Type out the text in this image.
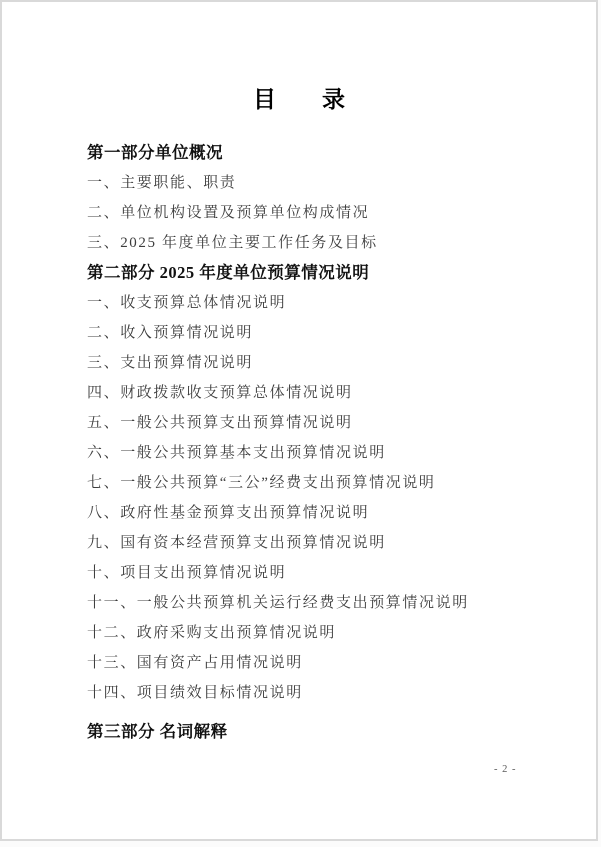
目　　录
第一部分单位概况
一、主要职能、职责
二、单位机构设置及预算单位构成情况
三、2025 年度单位主要工作任务及目标
第二部分 2025 年度单位预算情况说明
一、收支预算总体情况说明
二、收入预算情况说明
三、支出预算情况说明
四、财政拨款收支预算总体情况说明
五、一般公共预算支出预算情况说明
六、一般公共预算基本支出预算情况说明
七、一般公共预算“三公”经费支出预算情况说明
八、政府性基金预算支出预算情况说明
九、国有资本经营预算支出预算情况说明
十、项目支出预算情况说明
十一、一般公共预算机关运行经费支出预算情况说明
十二、政府采购支出预算情况说明
十三、国有资产占用情况说明
十四、项目绩效目标情况说明
第三部分 名词解释
- 2 -
